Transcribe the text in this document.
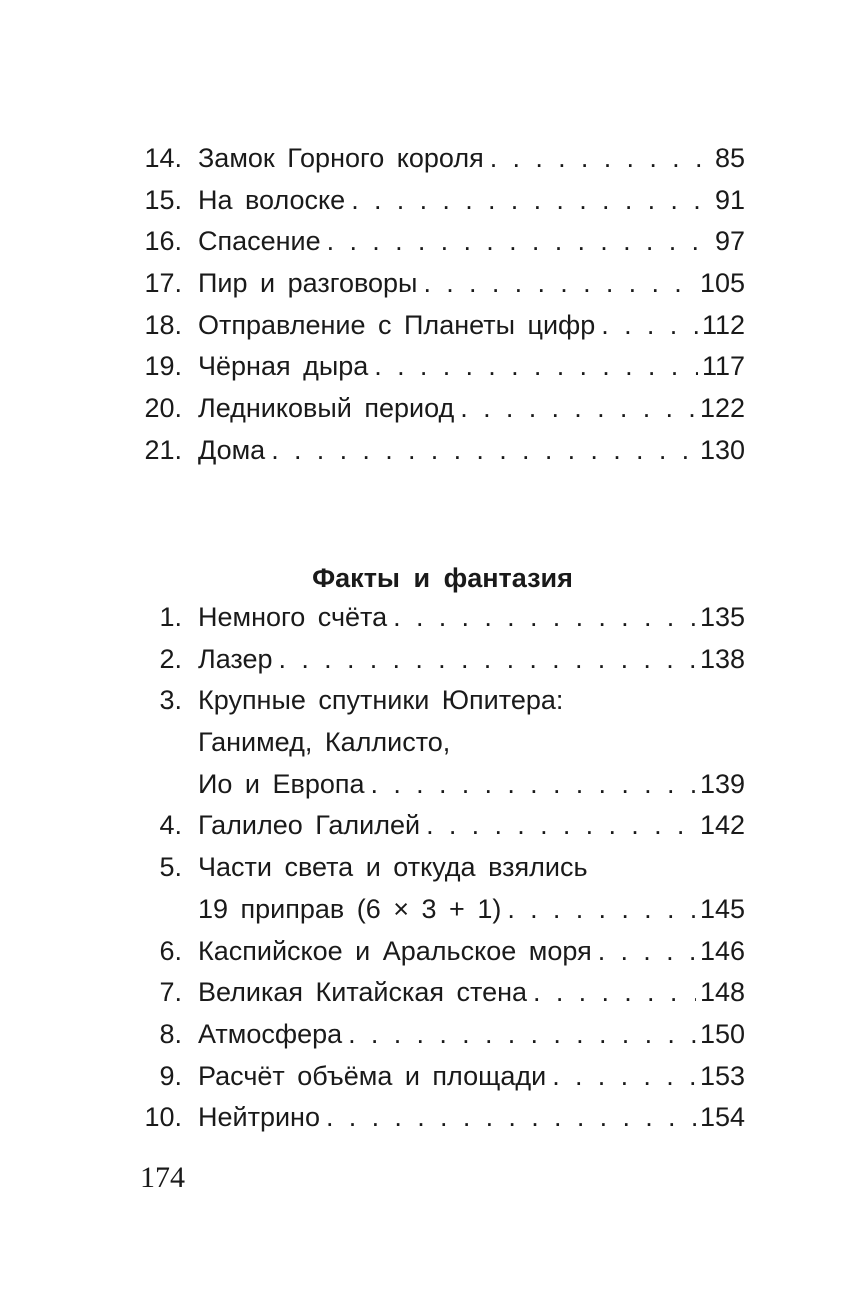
14. Замок Горного короля . . .	85
15. На волоске . . .	91
16. Спасение . . .	97
17. Пир и разговоры . . .	105
18. Отправление с Планеты цифр . . .	112
19. Чёрная дыра . . .	117
20. Ледниковый период . . .	122
21. Дома . . .	130
Факты и фантазия
1. Немного счёта . . .	135
2. Лазер . . .	138
3. Крупные спутники Юпитера:
Ганимед, Каллисто,
Ио и Европа . . .	139
4. Галилео Галилей . . .	142
5. Части света и откуда взялись
19 приправ (6 × 3 + 1) . . .	145
6. Каспийское и Аральское моря . . .	146
7. Великая Китайская стена . . .	148
8. Атмосфера . . .	150
9. Расчёт объёма и площади . . .	153
10. Нейтрино . . .	154
174
